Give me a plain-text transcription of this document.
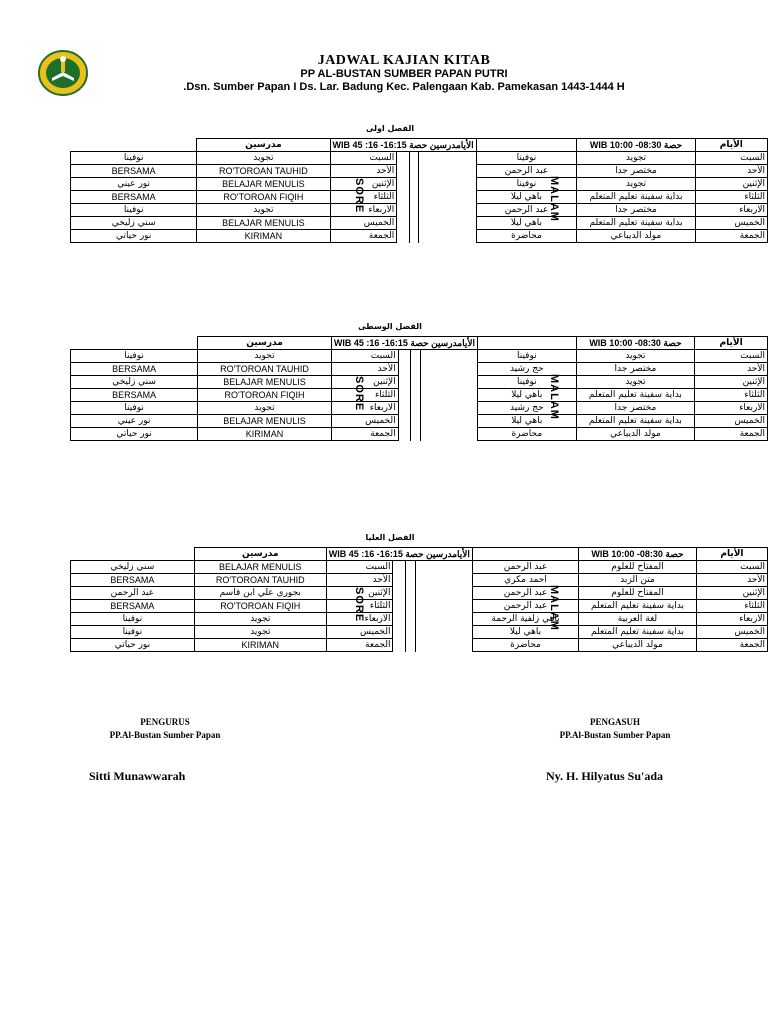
JADWAL KAJIAN KITAB
PP AL-BUSTAN SUMBER PAPAN PUTRI
.Dsn. Sumber Papan I Ds. Lar. Badung Kec. Palengaan Kab. Pamekasan 1443-1444 H
الفصل اولى
	مدرسين	WIB 45 :16 -16:15 الأيامدرسين حصة					WIB 10:00 -08:30 حصة	الأيام
نوفينا	تجويد	السبت				نوفينا	تجويد	السبت
BERSAMA	RO'TOROAN TAUHID	الأحد				عبد الرحمن	مختصر جدا	الأحد
نور عيني	BELAJAR MENULIS	الإثنين				نوفينا	تجويد	الإثنين
BERSAMA	RO'TOROAN FIQIH	الثلثاء				باهي ليلا	بداية سفينة تعليم المتعلم	الثلثاء
نوفينا	تجويد	الاربعاء				عبد الرحمن	مختصر جدا	الاربعاء
سني زليخي	BELAJAR MENULIS	الخميس				باهي ليلا	بداية سفينة تعليم المتعلم	الخميس
نور حياتي	KIRIMAN	الجمعة				محاضرة	مولد الديباعي	الجمعة
SORE	MALAM
الفصل الوسطى
	مدرسين	WIB 45 :16 -16:15 الأيامدرسين حصة					WIB 10:00 -08:30 حصة	الأيام
نوفينا	تجويد	السبت				نوفينا	تجويد	السبت
BERSAMA	RO'TOROAN TAUHID	الأحد				حج رشيد	مختصر جدا	الأحد
سني زليخي	BELAJAR MENULIS	الإثنين				نوفينا	تجويد	الإثنين
BERSAMA	RO'TOROAN FIQIH	الثلثاء				باهي ليلا	بداية سفينة تعليم المتعلم	الثلثاء
نوفينا	تجويد	الاربعاء				حج رشيد	مختصر جدا	الاربعاء
نور عيني	BELAJAR MENULIS	الخميس				باهي ليلا	بداية سفينة تعليم المتعلم	الخميس
نور حياتي	KIRIMAN	الجمعة				محاضرة	مولد الديباعي	الجمعة
SORE	MALAM
الفصل العليا
	مدرسين	WIB 45 :16 -16:15 الأيامدرسين حصة					WIB 10:00 -08:30 حصة	الأيام
سني زليخي	BELAJAR MENULIS	السبت				عبد الرحمن	المفتاح للعلوم	السبت
BERSAMA	RO'TOROAN TAUHID	الأحد				احمد مكري	متن الزبد	الأحد
عبد الرحمن	بجوري علي ابن قاسم	الإثنين				عبد الرحمن	المفتاح للعلوم	الإثنين
BERSAMA	RO'TOROAN FIQIH	الثلثاء				عبد الرحمن	بداية سفينة تعليم المتعلم	الثلثاء
نوفينا	تجويد	الاربعاء				باهي زلفية الرحمة	لغة العربية	الاربعاء
نوفينا	تجويد	الخميس				باهي ليلا	بداية سفينة تعليم المتعلم	الخميس
نور حياتي	KIRIMAN	الجمعة				محاضرة	مولد الديباعي	الجمعة
SORE	MALAM
PENGURUS
PP.Al-Bustan Sumber Papan
Sitti Munawwarah
PENGASUH
PP.Al-Bustan Sumber Papan
Ny. H. Hilyatus Su'ada
